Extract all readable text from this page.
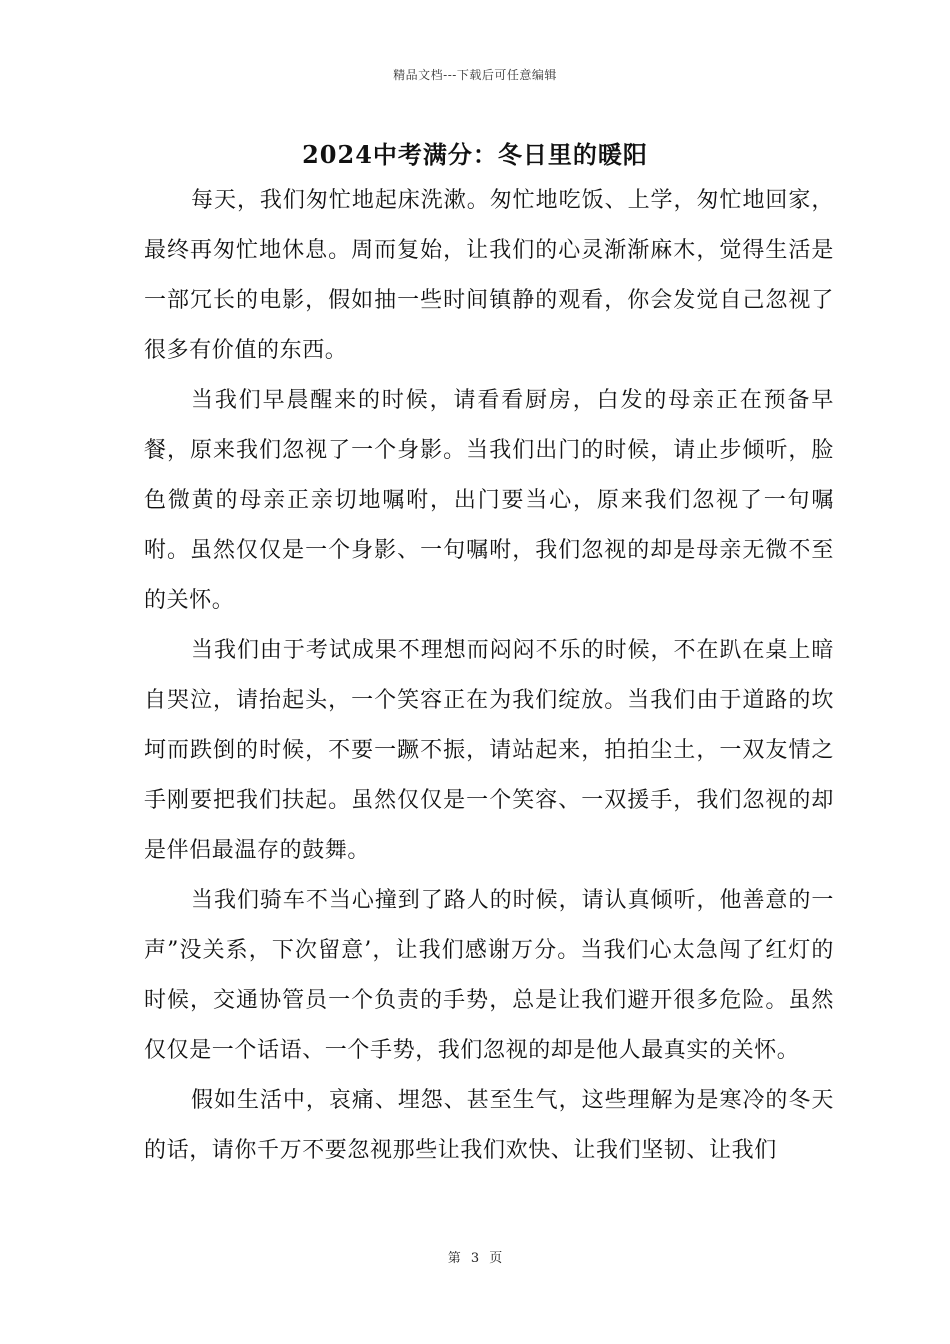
精品文档---下载后可任意编辑
2024中考满分：冬日里的暖阳

每天，我们匆忙地起床洗漱。匆忙地吃饭、上学，匆忙地回家，最终再匆忙地休息。周而复始，让我们的心灵渐渐麻木，觉得生活是一部冗长的电影，假如抽一些时间镇静的观看，你会发觉自己忽视了很多有价值的东西。

当我们早晨醒来的时候，请看看厨房，白发的母亲正在预备早餐，原来我们忽视了一个身影。当我们出门的时候，请止步倾听，脸色微黄的母亲正亲切地嘱咐，出门要当心，原来我们忽视了一句嘱咐。虽然仅仅是一个身影、一句嘱咐，我们忽视的却是母亲无微不至的关怀。

当我们由于考试成果不理想而闷闷不乐的时候，不在趴在桌上暗自哭泣，请抬起头，一个笑容正在为我们绽放。当我们由于道路的坎坷而跌倒的时候，不要一蹶不振，请站起来，拍拍尘土，一双友情之手刚要把我们扶起。虽然仅仅是一个笑容、一双援手，我们忽视的却是伴侣最温存的鼓舞。

当我们骑车不当心撞到了路人的时候，请认真倾听，他善意的一声”没关系，下次留意’，让我们感谢万分。当我们心太急闯了红灯的时候，交通协管员一个负责的手势，总是让我们避开很多危险。虽然仅仅是一个话语、一个手势，我们忽视的却是他人最真实的关怀。

假如生活中，哀痛、埋怨、甚至生气，这些理解为是寒冷的冬天的话，请你千万不要忽视那些让我们欢快、让我们坚韧、让我们

第 3 页
